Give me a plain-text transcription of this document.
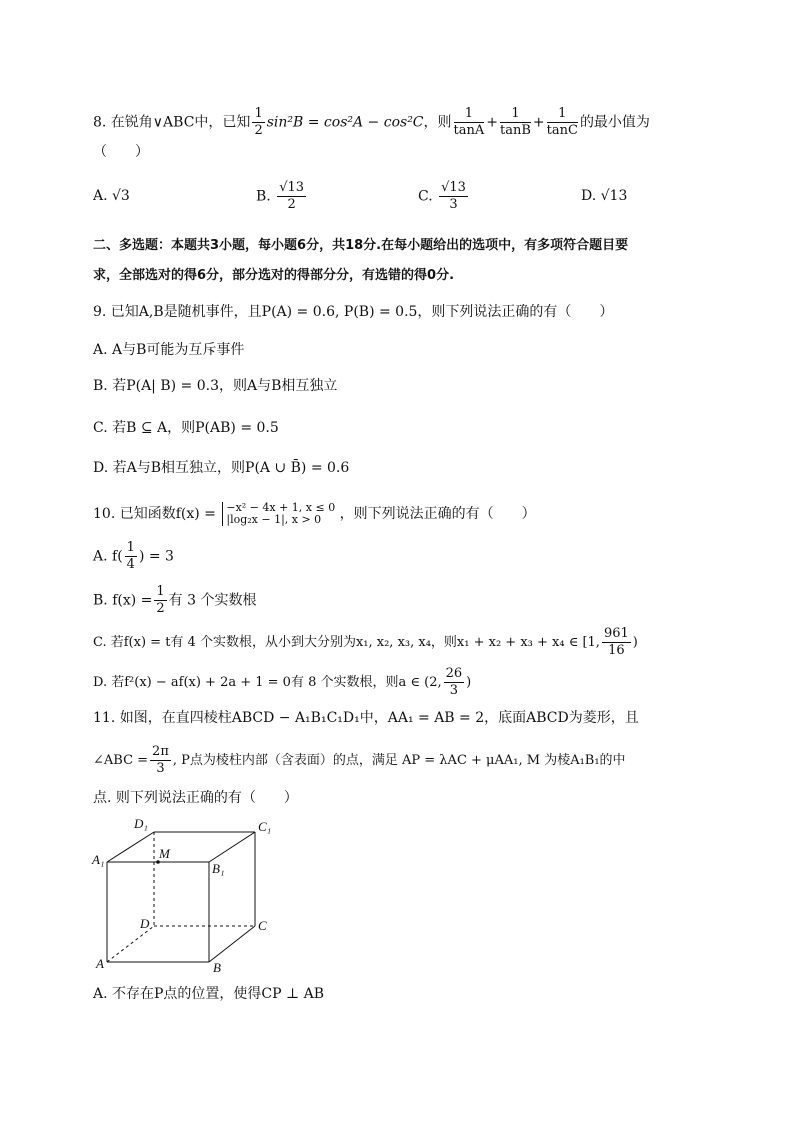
8. 在锐角∨ABC中，已知 $\frac{1}{2} \sin^2B = \cos^2A - \cos^2C$，则 $\frac{1}{\tan A} + \frac{1}{\tan B} + \frac{1}{\tan C}$ 的最小值为
（　　）
A. √3	B. $\frac{√13}{2}$	C. $\frac{√13}{3}$	D. √13
二、多选题：本题共3小题，每小题6分，共18分.在每小题给出的选项中，有多项符合题目要
求，全部选对的得6分，部分选对的得部分分，有选错的得0分.
9. 已知A,B是随机事件，且P(A) = 0.6, P(B) = 0.5，则下列说法正确的有（　　）
A. A与B可能为互斥事件
B. 若P(A| B) = 0.3，则A与B相互独立
C. 若B ⊆ A，则P(AB) = 0.5
D. 若A与B相互独立，则P(A ∪ B̄) = 0.6
10. 已知函数f(x) = −x² − 4x + 1, x ≤ 0
|log₂x − 1|, x > 0	，则下列说法正确的有（　　）
A. $f( \frac{1}{4}$ ) = 3
B. $f(x) = \frac{1}{2}$ 有 3 个实数根
C. 若f(x) = t有 4 个实数根，从小到大分别为x₁, x₂, x₃, x₄，则x₁ + x₂ + x₃ + x₄ ∈ [1, $\frac{961}{16}$ )
D. 若f²(x) − af(x) + 2a + 1 = 0有 8 个实数根，则a ∈ (2, $\frac{26}{3}$ )
11. 如图，在直四棱柱ABCD − A₁B₁C₁D₁中，AA₁ = AB = 2，底面ABCD为菱形，且
∠ABC = $\frac{2\pi}{3}$ , P点为棱柱内部（含表面）的点，满足 AP = λAC + μAA₁, M 为棱A₁B₁的中
点. 则下列说法正确的有（　　）
D₁	C₁
A₁	M
B₁
D	C
A	B
A. 不存在P点的位置，使得CP ⊥ AB
